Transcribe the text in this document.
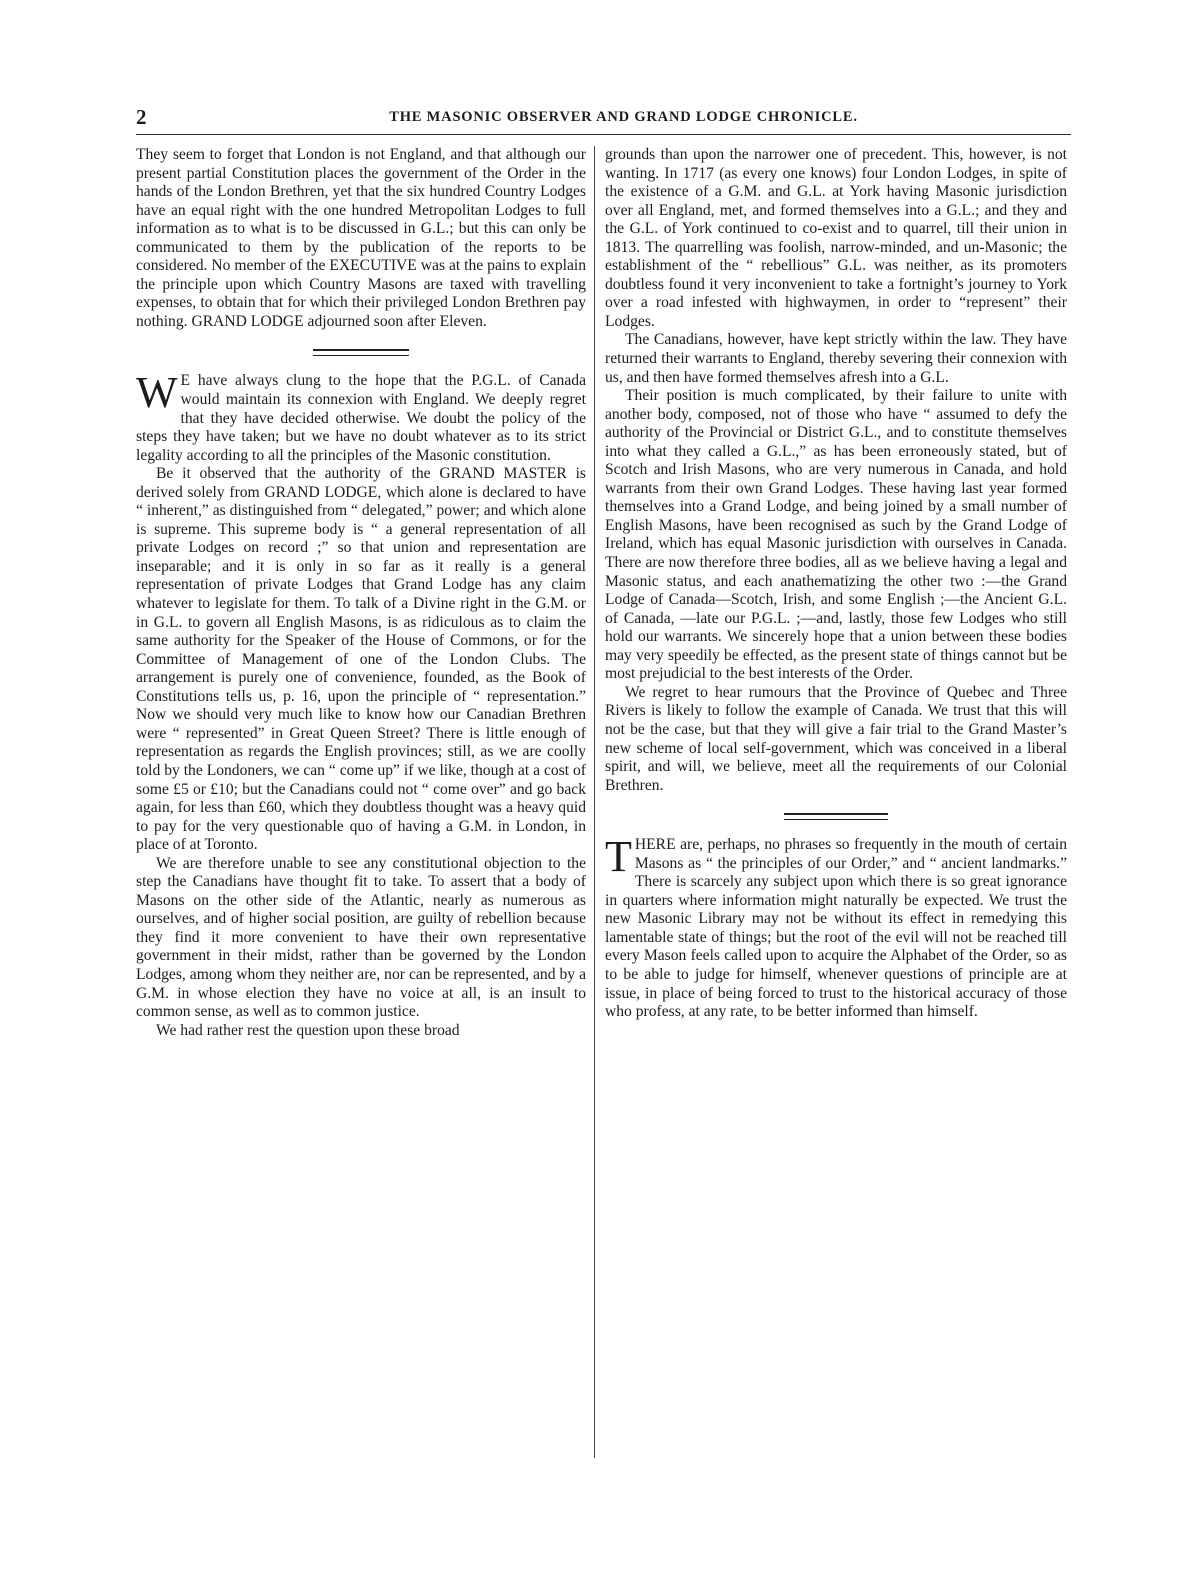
2	THE MASONIC OBSERVER AND GRAND LODGE CHRONICLE.

They seem to forget that London is not England, and that although our present partial Constitution places the government of the Order in the hands of the London Brethren, yet that the six hundred Country Lodges have an equal right with the one hundred Metropolitan Lodges to full information as to what is to be discussed in G.L.; but this can only be communicated to them by the publication of the reports to be considered. No member of the EXECUTIVE was at the pains to explain the principle upon which Country Masons are taxed with travelling expenses, to obtain that for which their privileged London Brethren pay nothing. GRAND LODGE adjourned soon after Eleven.

WE have always clung to the hope that the P.G.L. of Canada would maintain its connexion with England. We deeply regret that they have decided otherwise. We doubt the policy of the steps they have taken; but we have no doubt whatever as to its strict legality according to all the principles of the Masonic constitution.

Be it observed that the authority of the GRAND MASTER is derived solely from GRAND LODGE, which alone is declared to have “ inherent,” as distinguished from “ delegated,” power; and which alone is supreme. This supreme body is “ a general representation of all private Lodges on record ;” so that union and representation are inseparable; and it is only in so far as it really is a general representation of private Lodges that Grand Lodge has any claim whatever to legislate for them. To talk of a Divine right in the G.M. or in G.L. to govern all English Masons, is as ridiculous as to claim the same authority for the Speaker of the House of Commons, or for the Committee of Management of one of the London Clubs. The arrangement is purely one of convenience, founded, as the Book of Constitutions tells us, p. 16, upon the principle of “ representation.” Now we should very much like to know how our Canadian Brethren were “ represented” in Great Queen Street? There is little enough of representation as regards the English provinces; still, as we are coolly told by the Londoners, we can “ come up” if we like, though at a cost of some £5 or £10; but the Canadians could not “ come over” and go back again, for less than £60, which they doubtless thought was a heavy quid to pay for the very questionable quo of having a G.M. in London, in place of at Toronto.

We are therefore unable to see any constitutional objection to the step the Canadians have thought fit to take. To assert that a body of Masons on the other side of the Atlantic, nearly as numerous as ourselves, and of higher social position, are guilty of rebellion because they find it more convenient to have their own representative government in their midst, rather than be governed by the London Lodges, among whom they neither are, nor can be represented, and by a G.M. in whose election they have no voice at all, is an insult to common sense, as well as to common justice.

We had rather rest the question upon these broad

grounds than upon the narrower one of precedent. This, however, is not wanting. In 1717 (as every one knows) four London Lodges, in spite of the existence of a G.M. and G.L. at York having Masonic jurisdiction over all England, met, and formed themselves into a G.L.; and they and the G.L. of York continued to co-exist and to quarrel, till their union in 1813. The quarrelling was foolish, narrow-minded, and un-Masonic; the establishment of the “ rebellious” G.L. was neither, as its promoters doubtless found it very inconvenient to take a fortnight’s journey to York over a road infested with highwaymen, in order to “represent” their Lodges.

The Canadians, however, have kept strictly within the law. They have returned their warrants to England, thereby severing their connexion with us, and then have formed themselves afresh into a G.L.

Their position is much complicated, by their failure to unite with another body, composed, not of those who have “ assumed to defy the authority of the Provincial or District G.L., and to constitute themselves into what they called a G.L.,” as has been erroneously stated, but of Scotch and Irish Masons, who are very numerous in Canada, and hold warrants from their own Grand Lodges. These having last year formed themselves into a Grand Lodge, and being joined by a small number of English Masons, have been recognised as such by the Grand Lodge of Ireland, which has equal Masonic jurisdiction with ourselves in Canada. There are now therefore three bodies, all as we believe having a legal and Masonic status, and each anathematizing the other two :—the Grand Lodge of Canada—Scotch, Irish, and some English ;—the Ancient G.L. of Canada, —late our P.G.L. ;—and, lastly, those few Lodges who still hold our warrants. We sincerely hope that a union between these bodies may very speedily be effected, as the present state of things cannot but be most prejudicial to the best interests of the Order.

We regret to hear rumours that the Province of Quebec and Three Rivers is likely to follow the example of Canada. We trust that this will not be the case, but that they will give a fair trial to the Grand Master’s new scheme of local self-government, which was conceived in a liberal spirit, and will, we believe, meet all the requirements of our Colonial Brethren.

THERE are, perhaps, no phrases so frequently in the mouth of certain Masons as “ the principles of our Order,” and “ ancient landmarks.” There is scarcely any subject upon which there is so great ignorance in quarters where information might naturally be expected. We trust the new Masonic Library may not be without its effect in remedying this lamentable state of things; but the root of the evil will not be reached till every Mason feels called upon to acquire the Alphabet of the Order, so as to be able to judge for himself, whenever questions of principle are at issue, in place of being forced to trust to the historical accuracy of those who profess, at any rate, to be better informed than himself.
